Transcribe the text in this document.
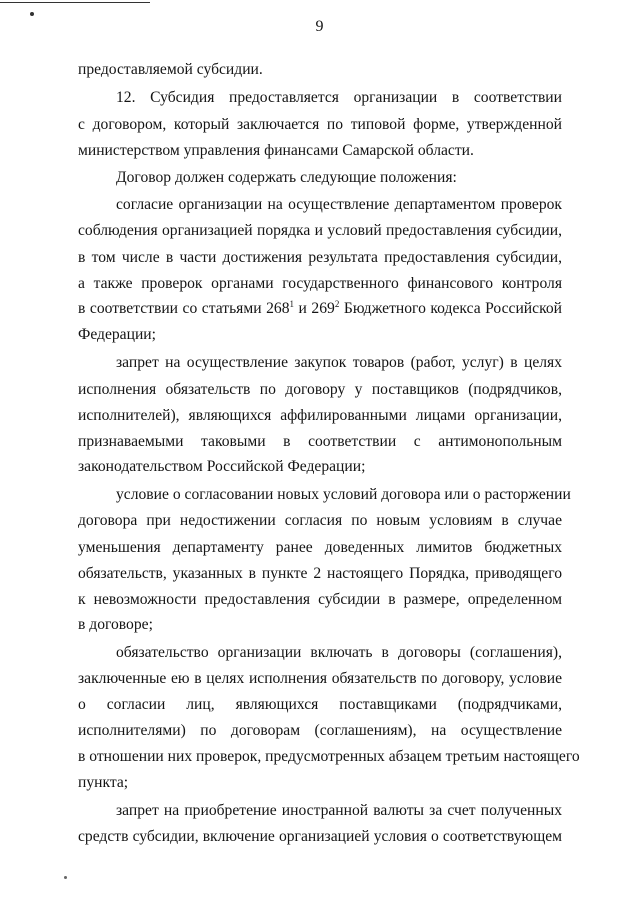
9
предоставляемой субсидии.
12. Субсидия предоставляется организации в соответствии
с договором, который заключается по типовой форме, утвержденной
министерством управления финансами Самарской области.
Договор должен содержать следующие положения:
согласие организации на осуществление департаментом проверок
соблюдения организацией порядка и условий предоставления субсидии,
в том числе в части достижения результата предоставления субсидии,
а также проверок органами государственного финансового контроля
в соответствии со статьями $268^1$ и $269^2$ Бюджетного кодекса Российской
Федерации;
запрет на осуществление закупок товаров (работ, услуг) в целях
исполнения обязательств по договору у поставщиков (подрядчиков,
исполнителей), являющихся аффилированными лицами организации,
признаваемыми таковыми в соответствии с антимонопольным
законодательством Российской Федерации;
условие о согласовании новых условий договора или о расторжении
договора при недостижении согласия по новым условиям в случае
уменьшения департаменту ранее доведенных лимитов бюджетных
обязательств, указанных в пункте 2 настоящего Порядка, приводящего
к невозможности предоставления субсидии в размере, определенном
в договоре;
обязательство организации включать в договоры (соглашения),
заключенные ею в целях исполнения обязательств по договору, условие
о согласии лиц, являющихся поставщиками (подрядчиками,
исполнителями) по договорам (соглашениям), на осуществление
в отношении них проверок, предусмотренных абзацем третьим настоящего
пункта;
запрет на приобретение иностранной валюты за счет полученных
средств субсидии, включение организацией условия о соответствующем
